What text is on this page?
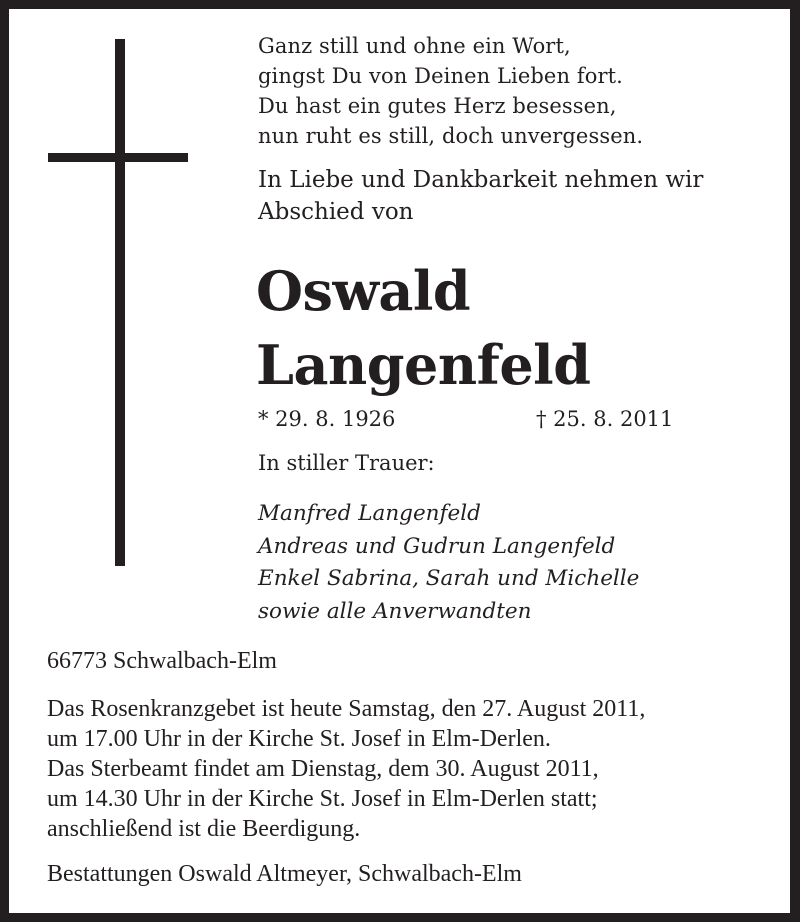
Ganz still und ohne ein Wort,
gingst Du von Deinen Lieben fort.
Du hast ein gutes Herz besessen,
nun ruht es still, doch unvergessen.
In Liebe und Dankbarkeit nehmen wir
Abschied von
Oswald
Langenfeld
* 29. 8. 1926	† 25. 8. 2011
In stiller Trauer:
Manfred Langenfeld
Andreas und Gudrun Langenfeld
Enkel Sabrina, Sarah und Michelle
sowie alle Anverwandten
66773 Schwalbach-Elm
Das Rosenkranzgebet ist heute Samstag, den 27. August 2011,
um 17.00 Uhr in der Kirche St. Josef in Elm-Derlen.
Das Sterbeamt findet am Dienstag, dem 30. August 2011,
um 14.30 Uhr in der Kirche St. Josef in Elm-Derlen statt;
anschließend ist die Beerdigung.
Bestattungen Oswald Altmeyer, Schwalbach-Elm
